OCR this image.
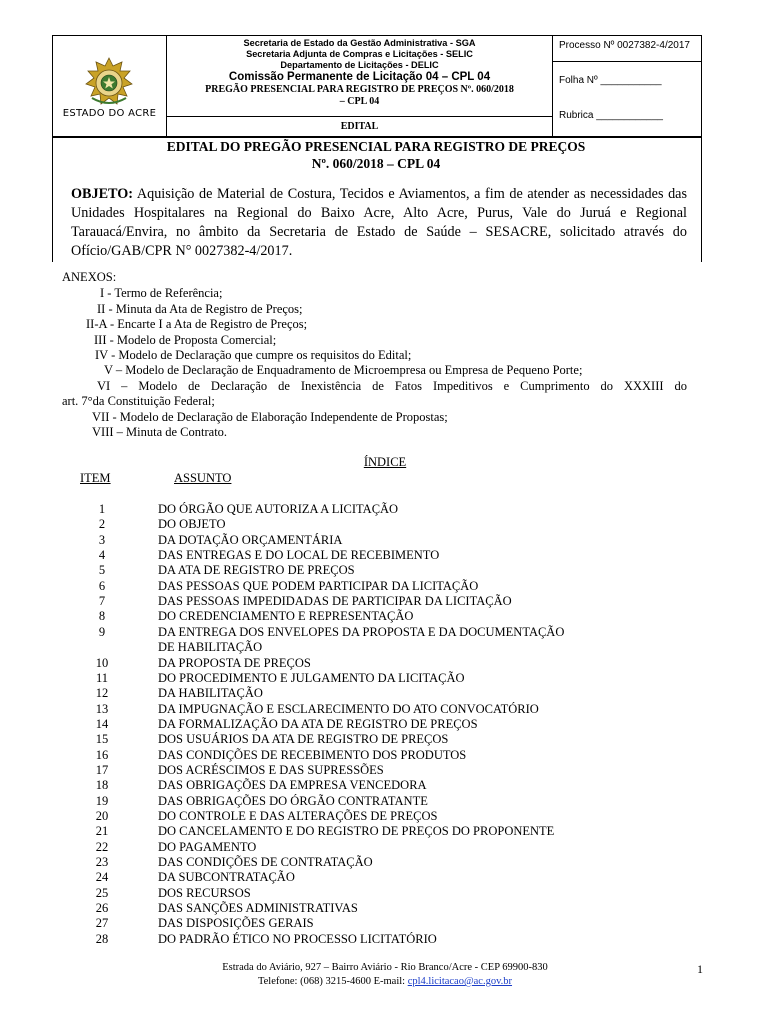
ESTADO DO ACRE
Secretaria de Estado da Gestão Administrativa - SGA
Secretaria Adjunta de Compras e Licitações - SELIC
Departamento de Licitações - DELIC
Comissão Permanente de Licitação 04 – CPL 04
PREGÃO PRESENCIAL PARA REGISTRO DE PREÇOS Nº. 060/2018
– CPL 04
EDITAL
Processo Nº 0027382-4/2017
Folha Nº ___________
Rubrica ____________
EDITAL DO PREGÃO PRESENCIAL PARA REGISTRO DE PREÇOS
Nº. 060/2018 – CPL 04
OBJETO: Aquisição de Material de Costura, Tecidos e Aviamentos, a fim de atender as necessidades das Unidades Hospitalares na Regional do Baixo Acre, Alto Acre, Purus, Vale do Juruá e Regional Tarauacá/Envira, no âmbito da Secretaria de Estado de Saúde – SESACRE, solicitado através do Ofício/GAB/CPR N° 0027382-4/2017.
ANEXOS:
I - Termo de Referência;
II - Minuta da Ata de Registro de Preços;
II-A - Encarte I a Ata de Registro de Preços;
III - Modelo de Proposta Comercial;
IV - Modelo de Declaração que cumpre os requisitos do Edital;
V – Modelo de Declaração de Enquadramento de Microempresa ou Empresa de Pequeno Porte;
VI – Modelo de Declaração de Inexistência de Fatos Impeditivos e Cumprimento do XXXIII do
art. 7°da Constituição Federal;
VII - Modelo de Declaração de Elaboração Independente de Propostas;
VIII – Minuta de Contrato.
ÍNDICE
ITEM	ASSUNTO
1	DO ÓRGÃO QUE AUTORIZA A LICITAÇÃO
2	DO OBJETO
3	DA DOTAÇÃO ORÇAMENTÁRIA
4	DAS ENTREGAS E DO LOCAL DE RECEBIMENTO
5	DA ATA DE REGISTRO DE PREÇOS
6	DAS PESSOAS QUE PODEM PARTICIPAR DA LICITAÇÃO
7	DAS PESSOAS IMPEDIDADAS DE PARTICIPAR DA LICITAÇÃO
8	DO CREDENCIAMENTO E REPRESENTAÇÃO
9	DA ENTREGA DOS ENVELOPES DA PROPOSTA E DA DOCUMENTAÇÃO
DE HABILITAÇÃO
10	DA PROPOSTA DE PREÇOS
11	DO PROCEDIMENTO E JULGAMENTO DA LICITAÇÃO
12	DA HABILITAÇÃO
13	DA IMPUGNAÇÃO E ESCLARECIMENTO DO ATO CONVOCATÓRIO
14	DA FORMALIZAÇÃO DA ATA DE REGISTRO DE PREÇOS
15	DOS USUÁRIOS DA ATA DE REGISTRO DE PREÇOS
16	DAS CONDIÇÕES DE RECEBIMENTO DOS PRODUTOS
17	DOS ACRÉSCIMOS E DAS SUPRESSÕES
18	DAS OBRIGAÇÕES DA EMPRESA VENCEDORA
19	DAS OBRIGAÇÕES DO ÓRGÃO CONTRATANTE
20	DO CONTROLE E DAS ALTERAÇÕES DE PREÇOS
21	DO CANCELAMENTO E DO REGISTRO DE PREÇOS DO PROPONENTE
22	DO PAGAMENTO
23	DAS CONDIÇÕES DE CONTRATAÇÃO
24	DA SUBCONTRATAÇÃO
25	DOS RECURSOS
26	DAS SANÇÕES ADMINISTRATIVAS
27	DAS DISPOSIÇÕES GERAIS
28	DO PADRÃO ÉTICO NO PROCESSO LICITATÓRIO
Estrada do Aviário, 927 – Bairro Aviário - Rio Branco/Acre - CEP 69900-830
Telefone: (068) 3215-4600 E-mail: cpl4.licitacao@ac.gov.br
1
